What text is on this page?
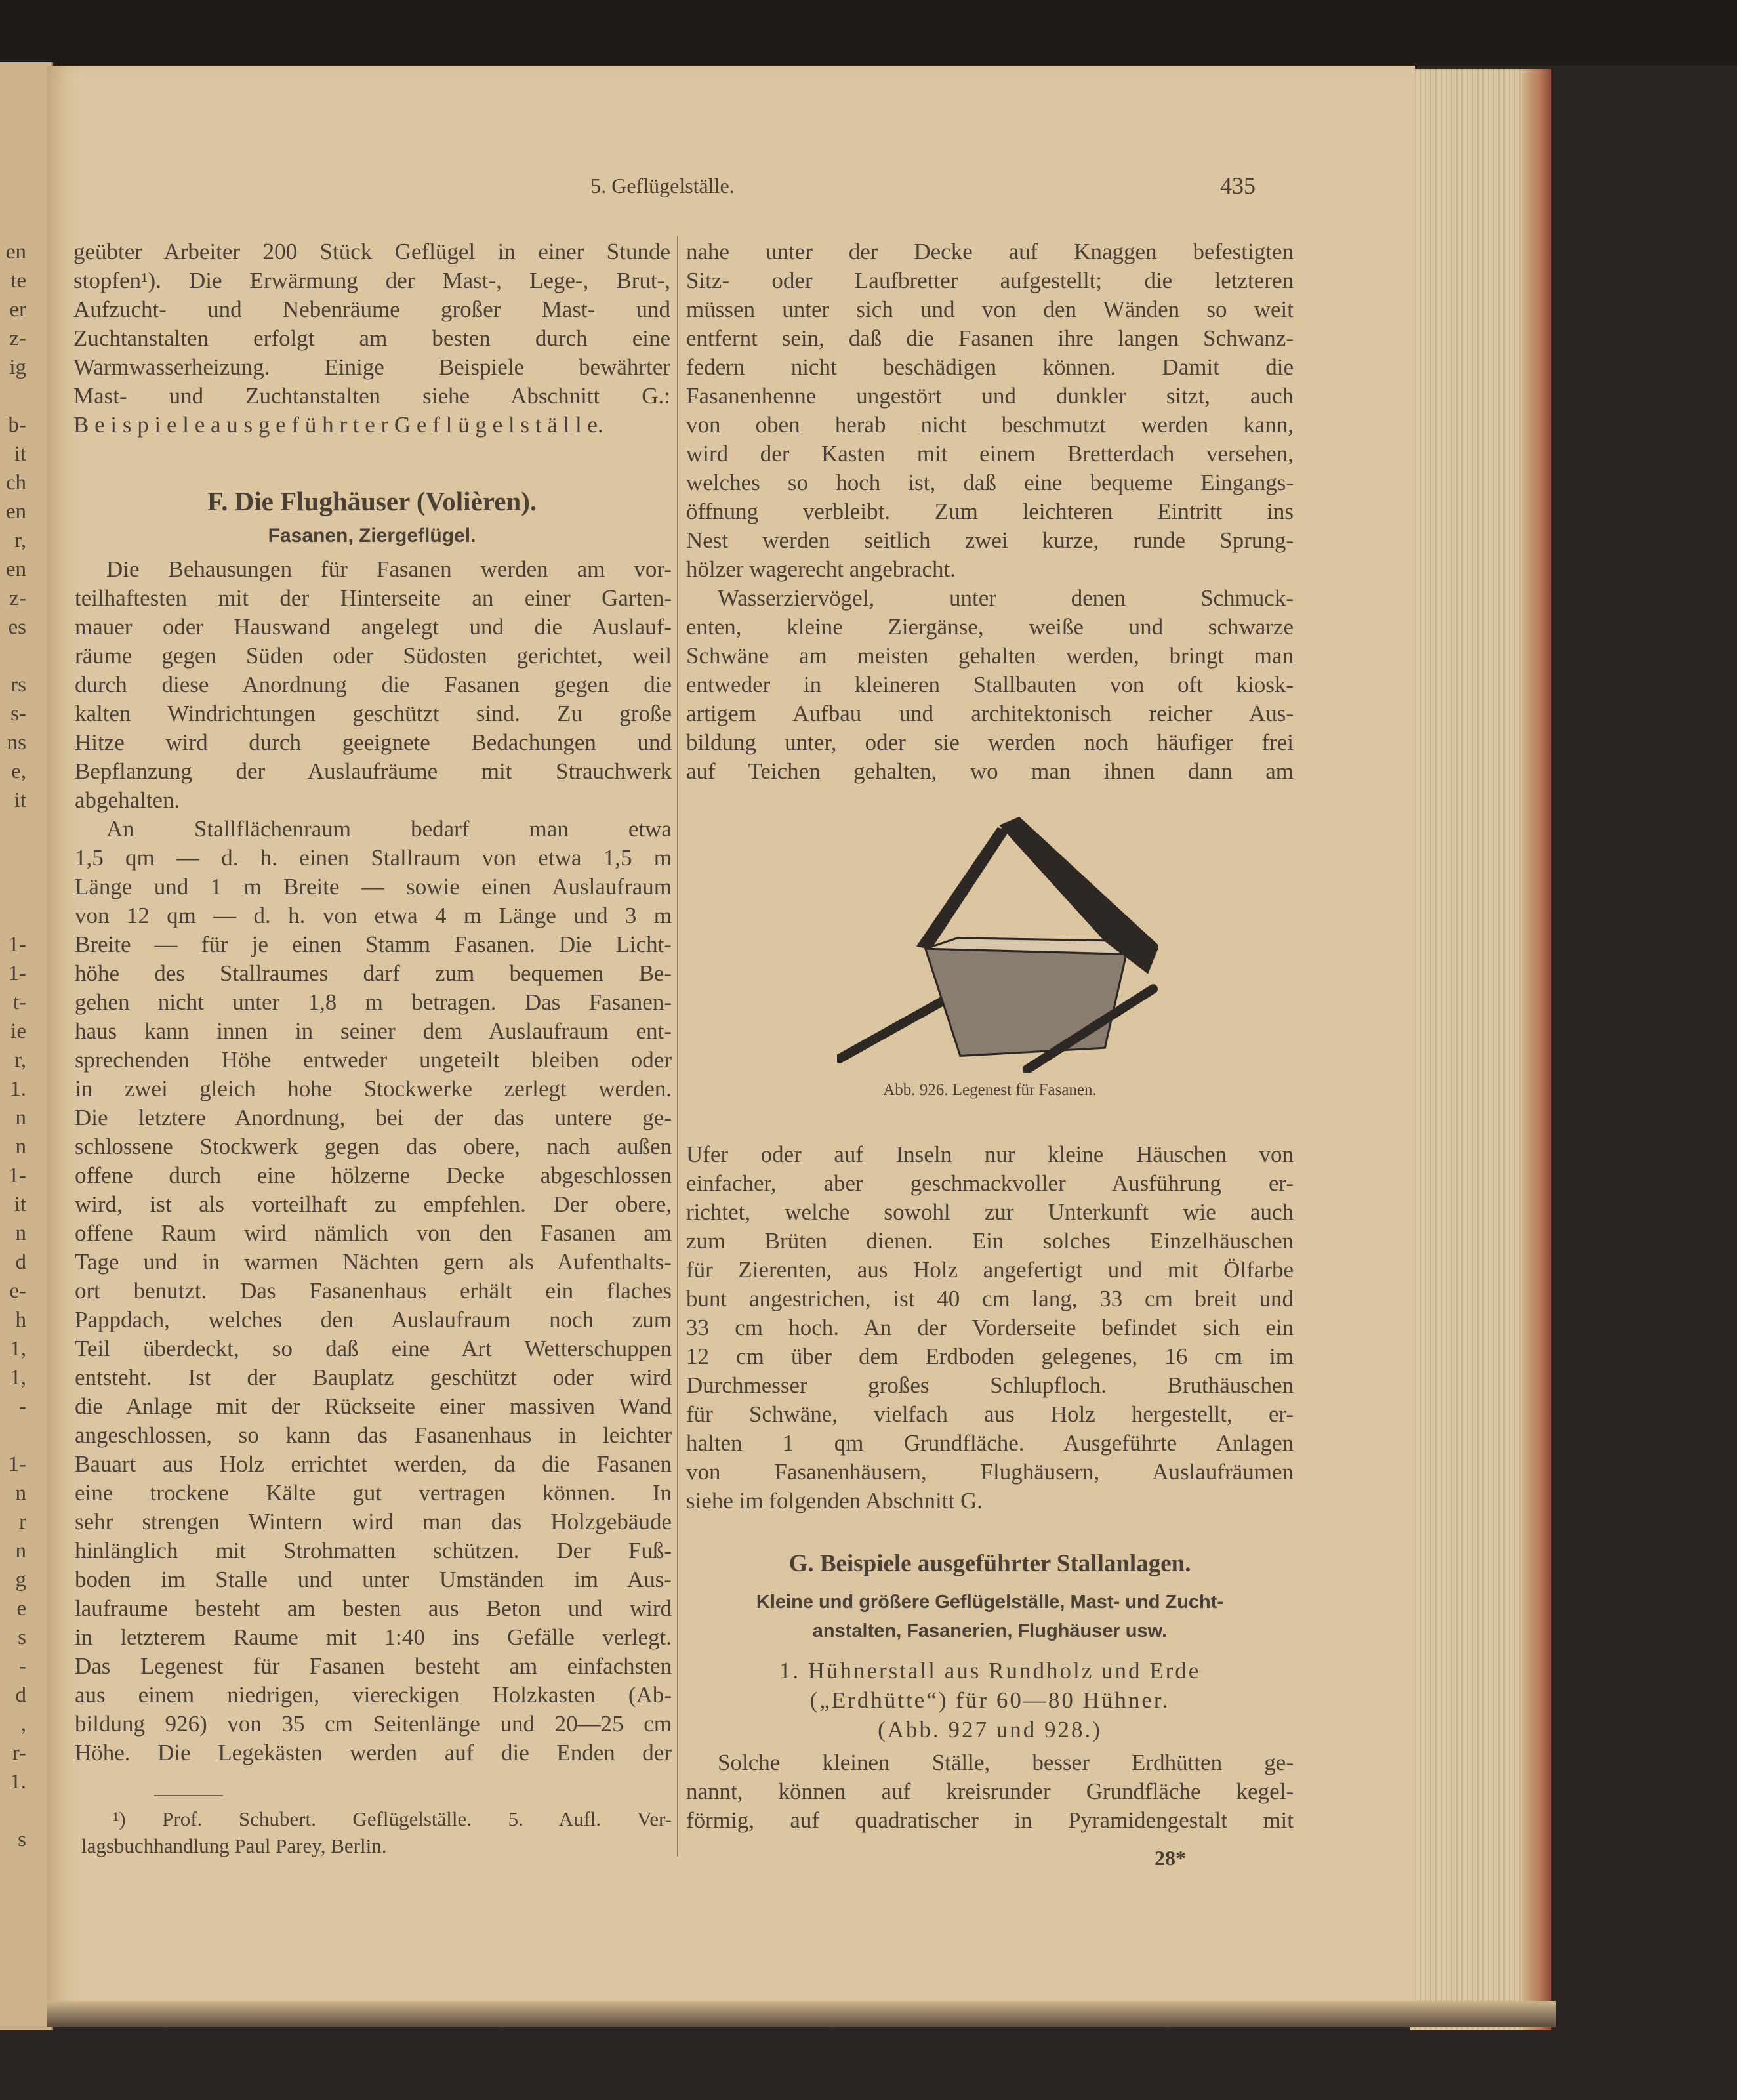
en
te
er
z-
ig
b-
it
ch
en
r,
en
z-
es
rs
s-
ns
e,
it
1-
1-
t-
ie
r,
1.
n
n
1-
it
n
d
e-
h
1,
1,
-
1-
n
r
n
g
e
s
-
d
,
r-
1.
s
5. Geflügelställe.	435
geübter Arbeiter 200 Stück Geflügel in einer Stunde
stopfen¹). Die Erwärmung der Mast-, Lege-, Brut-,
Aufzucht- und Nebenräume großer Mast- und
Zuchtanstalten erfolgt am besten durch eine
Warmwasserheizung. Einige Beispiele bewährter
Mast- und Zuchtanstalten siehe Abschnitt G.:
B e i s p i e l e a u s g e f ü h r t e r G e f l ü g e l s t ä l l e.
F. Die Flughäuser (Volièren).
Fasanen, Ziergeflügel.
Die Behausungen für Fasanen werden am vor-
teilhaftesten mit der Hinterseite an einer Garten-
mauer oder Hauswand angelegt und die Auslauf-
räume gegen Süden oder Südosten gerichtet, weil
durch diese Anordnung die Fasanen gegen die
kalten Windrichtungen geschützt sind. Zu große
Hitze wird durch geeignete Bedachungen und
Bepflanzung der Auslaufräume mit Strauchwerk
abgehalten.
An Stallflächenraum bedarf man etwa
1,5 qm — d. h. einen Stallraum von etwa 1,5 m
Länge und 1 m Breite — sowie einen Auslaufraum
von 12 qm — d. h. von etwa 4 m Länge und 3 m
Breite — für je einen Stamm Fasanen. Die Licht-
höhe des Stallraumes darf zum bequemen Be-
gehen nicht unter 1,8 m betragen. Das Fasanen-
haus kann innen in seiner dem Auslaufraum ent-
sprechenden Höhe entweder ungeteilt bleiben oder
in zwei gleich hohe Stockwerke zerlegt werden.
Die letztere Anordnung, bei der das untere ge-
schlossene Stockwerk gegen das obere, nach außen
offene durch eine hölzerne Decke abgeschlossen
wird, ist als vorteilhaft zu empfehlen. Der obere,
offene Raum wird nämlich von den Fasanen am
Tage und in warmen Nächten gern als Aufenthalts-
ort benutzt. Das Fasanenhaus erhält ein flaches
Pappdach, welches den Auslaufraum noch zum
Teil überdeckt, so daß eine Art Wetterschuppen
entsteht. Ist der Bauplatz geschützt oder wird
die Anlage mit der Rückseite einer massiven Wand
angeschlossen, so kann das Fasanenhaus in leichter
Bauart aus Holz errichtet werden, da die Fasanen
eine trockene Kälte gut vertragen können. In
sehr strengen Wintern wird man das Holzgebäude
hinlänglich mit Strohmatten schützen. Der Fuß-
boden im Stalle und unter Umständen im Aus-
laufraume besteht am besten aus Beton und wird
in letzterem Raume mit 1:40 ins Gefälle verlegt.
Das Legenest für Fasanen besteht am einfachsten
aus einem niedrigen, viereckigen Holzkasten (Ab-
bildung 926) von 35 cm Seitenlänge und 20—25 cm
Höhe. Die Legekästen werden auf die Enden der
¹) Prof. Schubert. Geflügelställe. 5. Aufl. Ver-
lagsbuchhandlung Paul Parey, Berlin.
nahe unter der Decke auf Knaggen befestigten
Sitz- oder Laufbretter aufgestellt; die letzteren
müssen unter sich und von den Wänden so weit
entfernt sein, daß die Fasanen ihre langen Schwanz-
federn nicht beschädigen können. Damit die
Fasanenhenne ungestört und dunkler sitzt, auch
von oben herab nicht beschmutzt werden kann,
wird der Kasten mit einem Bretterdach versehen,
welches so hoch ist, daß eine bequeme Eingangs-
öffnung verbleibt. Zum leichteren Eintritt ins
Nest werden seitlich zwei kurze, runde Sprung-
hölzer wagerecht angebracht.
Wasserziervögel, unter denen Schmuck-
enten, kleine Ziergänse, weiße und schwarze
Schwäne am meisten gehalten werden, bringt man
entweder in kleineren Stallbauten von oft kiosk-
artigem Aufbau und architektonisch reicher Aus-
bildung unter, oder sie werden noch häufiger frei
auf Teichen gehalten, wo man ihnen dann am
Abb. 926. Legenest für Fasanen.
Ufer oder auf Inseln nur kleine Häuschen von
einfacher, aber geschmackvoller Ausführung er-
richtet, welche sowohl zur Unterkunft wie auch
zum Brüten dienen. Ein solches Einzelhäuschen
für Zierenten, aus Holz angefertigt und mit Ölfarbe
bunt angestrichen, ist 40 cm lang, 33 cm breit und
33 cm hoch. An der Vorderseite befindet sich ein
12 cm über dem Erdboden gelegenes, 16 cm im
Durchmesser großes Schlupfloch. Bruthäuschen
für Schwäne, vielfach aus Holz hergestellt, er-
halten 1 qm Grundfläche. Ausgeführte Anlagen
von Fasanenhäusern, Flughäusern, Auslaufräumen
siehe im folgenden Abschnitt G.
G. Beispiele ausgeführter Stallanlagen.
Kleine und größere Geflügelställe, Mast- und Zucht-
anstalten, Fasanerien, Flughäuser usw.
1. Hühnerstall aus Rundholz und Erde
(„Erdhütte“) für 60—80 Hühner.
(Abb. 927 und 928.)
Solche kleinen Ställe, besser Erdhütten ge-
nannt, können auf kreisrunder Grundfläche kegel-
förmig, auf quadratischer in Pyramidengestalt mit
28*
